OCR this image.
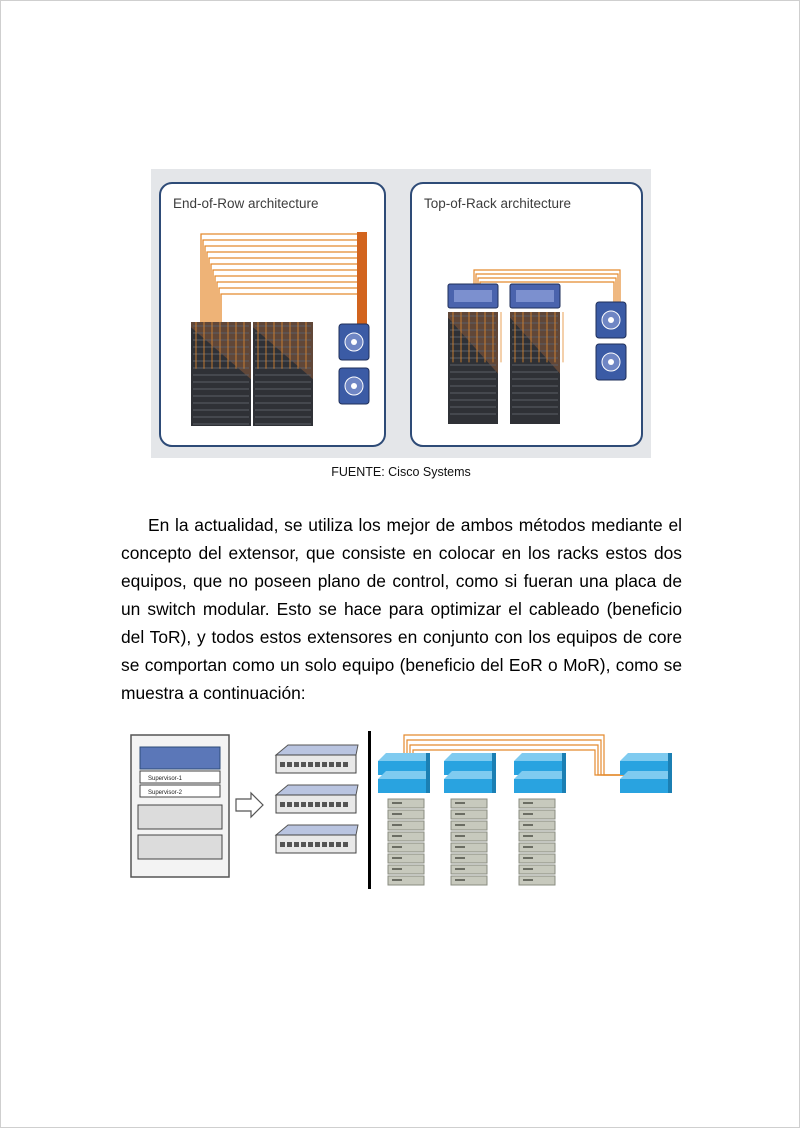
End-of-Row architecture	Top-of-Rack architecture
FUENTE: Cisco Systems

En la actualidad, se utiliza los mejor de ambos métodos mediante el concepto del extensor, que consiste en colocar en los racks estos dos equipos, que no poseen plano de control, como si fueran una placa de un switch modular. Esto se hace para optimizar el cableado (beneficio del ToR), y todos estos extensores en conjunto con los equipos de core se comportan como un solo equipo (beneficio del EoR o MoR), como se muestra a continuación:

Supervisor-1
Supervisor-2
